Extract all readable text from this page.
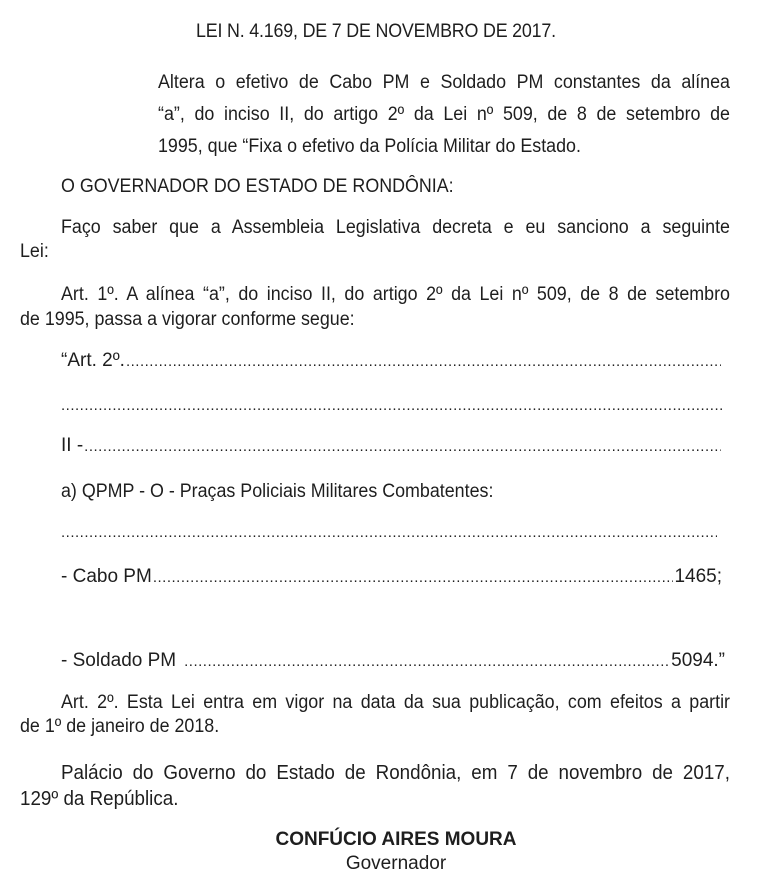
LEI N. 4.169, DE 7 DE NOVEMBRO DE 2017.
Altera o efetivo de Cabo PM e Soldado PM constantes da alínea
“a”, do inciso II, do artigo 2º da Lei nº 509, de 8 de setembro de
1995, que “Fixa o efetivo da Polícia Militar do Estado.
O GOVERNADOR DO ESTADO DE RONDÔNIA:
Faço saber que a Assembleia Legislativa decreta e eu sanciono a seguinte
Lei:
Art. 1º. A alínea “a”, do inciso II, do artigo 2º da Lei nº 509, de 8 de setembro
de 1995, passa a vigorar conforme segue:
“Art. 2º.
.....
.....
II -
.....
a) QPMP - O - Praças Policiais Militares Combatentes:
.....
- Cabo PM .....	1465;
- Soldado PM .....	5094.”
Art. 2º. Esta Lei entra em vigor na data da sua publicação, com efeitos a partir
de 1º de janeiro de 2018.
Palácio do Governo do Estado de Rondônia, em 7 de novembro de 2017,
129º da República.
CONFÚCIO AIRES MOURA
Governador
